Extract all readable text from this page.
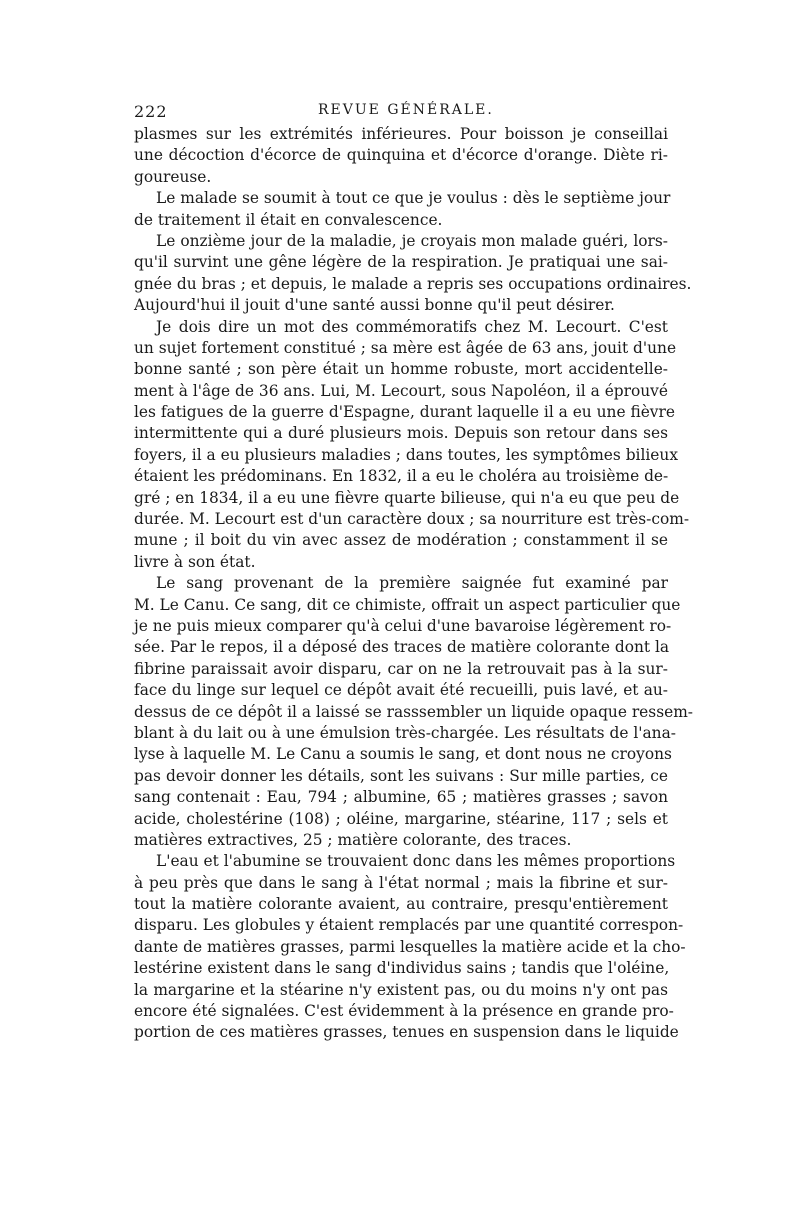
222	REVUE GÉNÉRALE.
plasmes sur les extrémités inférieures. Pour boisson je conseillai
une décoction d'écorce de quinquina et d'écorce d'orange. Diète ri-
goureuse.
Le malade se soumit à tout ce que je voulus : dès le septième jour
de traitement il était en convalescence.
Le onzième jour de la maladie, je croyais mon malade guéri, lors-
qu'il survint une gêne légère de la respiration. Je pratiquai une sai-
gnée du bras ; et depuis, le malade a repris ses occupations ordinaires.
Aujourd'hui il jouit d'une santé aussi bonne qu'il peut désirer.
Je dois dire un mot des commémoratifs chez M. Lecourt. C'est
un sujet fortement constitué ; sa mère est âgée de 63 ans, jouit d'une
bonne santé ; son père était un homme robuste, mort accidentelle-
ment à l'âge de 36 ans. Lui, M. Lecourt, sous Napoléon, il a éprouvé
les fatigues de la guerre d'Espagne, durant laquelle il a eu une fièvre
intermittente qui a duré plusieurs mois. Depuis son retour dans ses
foyers, il a eu plusieurs maladies ; dans toutes, les symptômes bilieux
étaient les prédominans. En 1832, il a eu le choléra au troisième de-
gré ; en 1834, il a eu une fièvre quarte bilieuse, qui n'a eu que peu de
durée. M. Lecourt est d'un caractère doux ; sa nourriture est très-com-
mune ; il boit du vin avec assez de modération ; constamment il se
livre à son état.
Le sang provenant de la première saignée fut examiné par
M. Le Canu. Ce sang, dit ce chimiste, offrait un aspect particulier que
je ne puis mieux comparer qu'à celui d'une bavaroise légèrement ro-
sée. Par le repos, il a déposé des traces de matière colorante dont la
fibrine paraissait avoir disparu, car on ne la retrouvait pas à la sur-
face du linge sur lequel ce dépôt avait été recueilli, puis lavé, et au-
dessus de ce dépôt il a laissé se rasssembler un liquide opaque ressem-
blant à du lait ou à une émulsion très-chargée. Les résultats de l'ana-
lyse à laquelle M. Le Canu a soumis le sang, et dont nous ne croyons
pas devoir donner les détails, sont les suivans : Sur mille parties, ce
sang contenait : Eau, 794 ; albumine, 65 ; matières grasses ; savon
acide, cholestérine (108) ; oléine, margarine, stéarine, 117 ; sels et
matières extractives, 25 ; matière colorante, des traces.
L'eau et l'abumine se trouvaient donc dans les mêmes proportions
à peu près que dans le sang à l'état normal ; mais la fibrine et sur-
tout la matière colorante avaient, au contraire, presqu'entièrement
disparu. Les globules y étaient remplacés par une quantité correspon-
dante de matières grasses, parmi lesquelles la matière acide et la cho-
lestérine existent dans le sang d'individus sains ; tandis que l'oléine,
la margarine et la stéarine n'y existent pas, ou du moins n'y ont pas
encore été signalées. C'est évidemment à la présence en grande pro-
portion de ces matières grasses, tenues en suspension dans le liquide
